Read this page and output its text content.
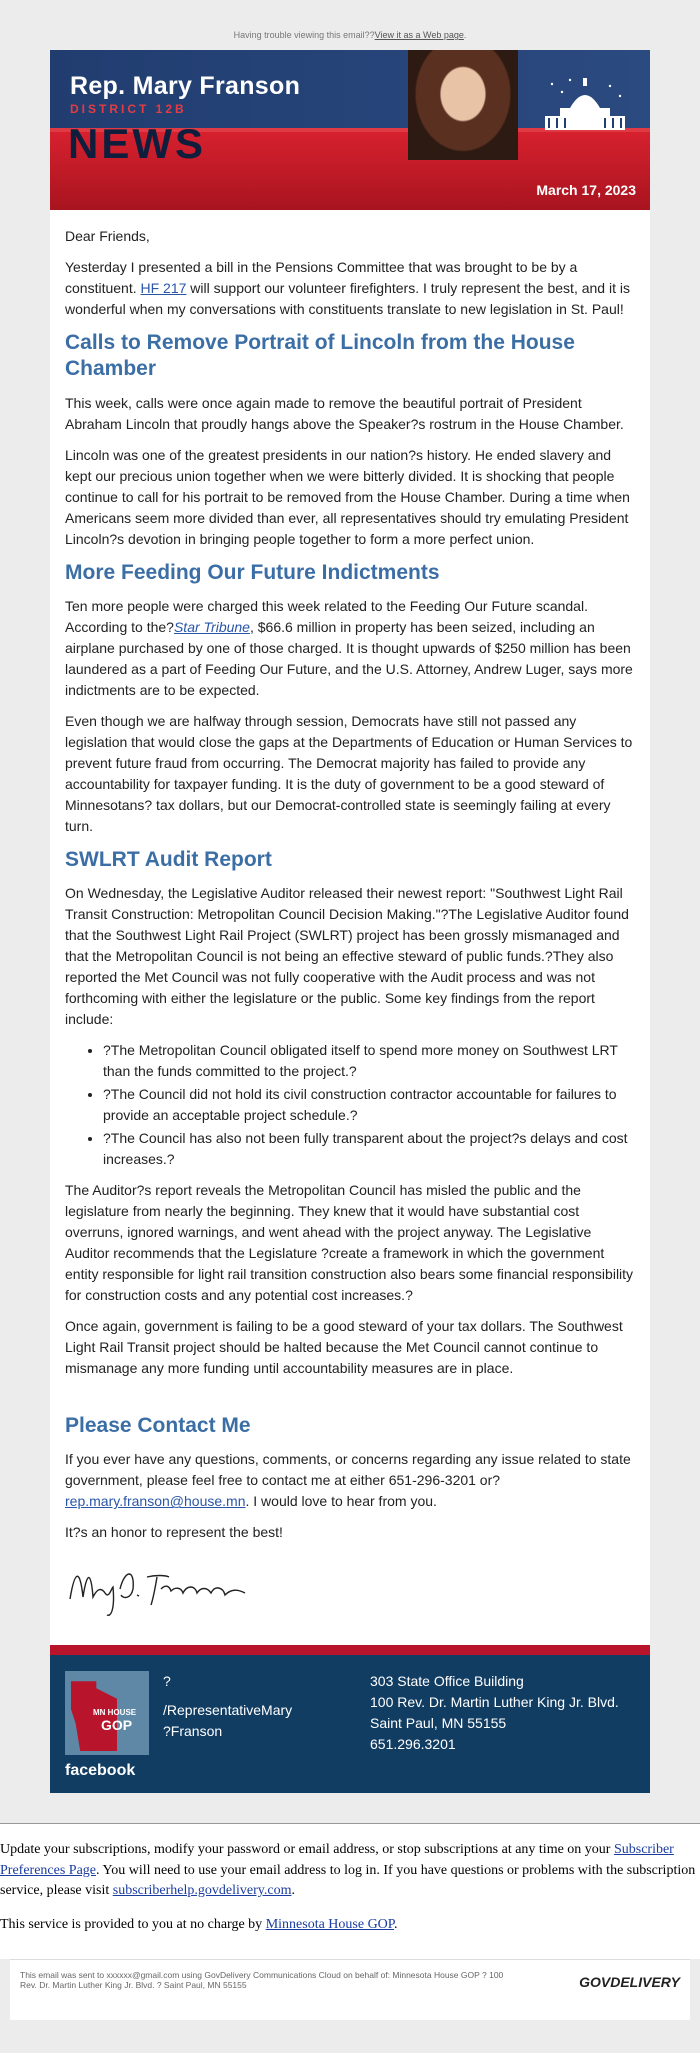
Having trouble viewing this email??View it as a Web page.
Rep. Mary Franson
DISTRICT 12B
NEWS
March 17, 2023

Dear Friends,

Yesterday I presented a bill in the Pensions Committee that was brought to be by a constituent. HF 217 will support our volunteer firefighters. I truly represent the best, and it is wonderful when my conversations with constituents translate to new legislation in St. Paul!

Calls to Remove Portrait of Lincoln from the House Chamber

This week, calls were once again made to remove the beautiful portrait of President Abraham Lincoln that proudly hangs above the Speaker?s rostrum in the House Chamber.

Lincoln was one of the greatest presidents in our nation?s history. He ended slavery and kept our precious union together when we were bitterly divided. It is shocking that people continue to call for his portrait to be removed from the House Chamber. During a time when Americans seem more divided than ever, all representatives should try emulating President Lincoln?s devotion in bringing people together to form a more perfect union.

More Feeding Our Future Indictments

Ten more people were charged this week related to the Feeding Our Future scandal. According to the?Star Tribune, $66.6 million in property has been seized, including an airplane purchased by one of those charged. It is thought upwards of $250 million has been laundered as a part of Feeding Our Future, and the U.S. Attorney, Andrew Luger, says more indictments are to be expected.

Even though we are halfway through session, Democrats have still not passed any legislation that would close the gaps at the Departments of Education or Human Services to prevent future fraud from occurring. The Democrat majority has failed to provide any accountability for taxpayer funding. It is the duty of government to be a good steward of Minnesotans? tax dollars, but our Democrat-controlled state is seemingly failing at every turn.

SWLRT Audit Report

On Wednesday, the Legislative Auditor released their newest report: "Southwest Light Rail Transit Construction: Metropolitan Council Decision Making."?The Legislative Auditor found that the Southwest Light Rail Project (SWLRT) project has been grossly mismanaged and that the Metropolitan Council is not being an effective steward of public funds.?They also reported the Met Council was not fully cooperative with the Audit process and was not forthcoming with either the legislature or the public. Some key findings from the report include:

• ?The Metropolitan Council obligated itself to spend more money on Southwest LRT than the funds committed to the project.?
• ?The Council did not hold its civil construction contractor accountable for failures to provide an acceptable project schedule.?
• ?The Council has also not been fully transparent about the project?s delays and cost increases.?

The Auditor?s report reveals the Metropolitan Council has misled the public and the legislature from nearly the beginning. They knew that it would have substantial cost overruns, ignored warnings, and went ahead with the project anyway. The Legislative Auditor recommends that the Legislature ?create a framework in which the government entity responsible for light rail transition construction also bears some financial responsibility for construction costs and any potential cost increases.?

Once again, government is failing to be a good steward of your tax dollars. The Southwest Light Rail Transit project should be halted because the Met Council cannot continue to mismanage any more funding until accountability measures are in place.

Please Contact Me

If you ever have any questions, comments, or concerns regarding any issue related to state government, please feel free to contact me at either 651-296-3201 or?rep.mary.franson@house.mn. I would love to hear from you.

It?s an honor to represent the best!

MN HOUSE
GOP
facebook
?
/RepresentativeMary
?Franson
303 State Office Building
100 Rev. Dr. Martin Luther King Jr. Blvd.
Saint Paul, MN 55155
651.296.3201

Update your subscriptions, modify your password or email address, or stop subscriptions at any time on your Subscriber Preferences Page. You will need to use your email address to log in. If you have questions or problems with the subscription service, please visit subscriberhelp.govdelivery.com.

This service is provided to you at no charge by Minnesota House GOP.

This email was sent to xxxxxx@gmail.com using GovDelivery Communications Cloud on behalf of: Minnesota House GOP ? 100
Rev. Dr. Martin Luther King Jr. Blvd. ? Saint Paul, MN 55155	GOVDELIVERY
